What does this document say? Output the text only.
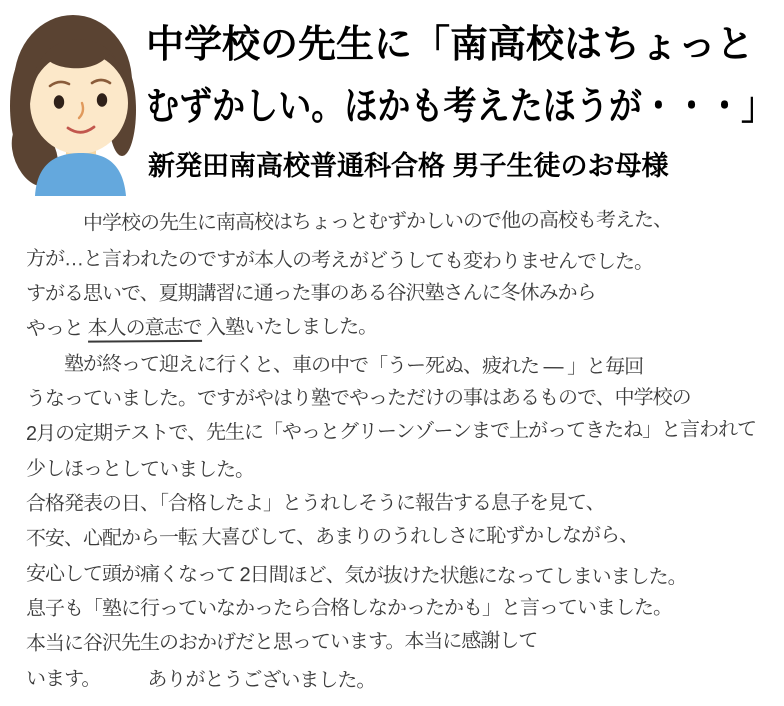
中学校の先生に「南高校はちょっと
むずかしい。ほかも考えたほうが・・・」
新発田南高校普通科合格 男子生徒のお母様
　　　中学校の先生に南高校はちょっとむずかしいので他の高校も考えた、
方が…と言われたのですが本人の考えがどうしても変わりませんでした。
すがる思いで、夏期講習に通った事のある谷沢塾さんに冬休みから
やっと 本人の意志で 入塾いたしました。
　　塾が終って迎えに行くと、車の中で「うー死ぬ、疲れた ― 」と毎回
うなっていました。ですがやはり塾でやっただけの事はあるもので、中学校の
2月の定期テストで、先生に「やっとグリーンゾーンまで上がってきたね」と言われて
少しほっとしていました。
合格発表の日、「合格したよ」とうれしそうに報告する息子を見て、
不安、心配から一転 大喜びして、あまりのうれしさに恥ずかしながら、
安心して頭が痛くなって 2日間ほど、気が抜けた状態になってしまいました。
息子も「塾に行っていなかったら合格しなかったかも」と言っていました。
本当に谷沢先生のおかげだと思っています。本当に感謝して
います。　　　ありがとうございました。
